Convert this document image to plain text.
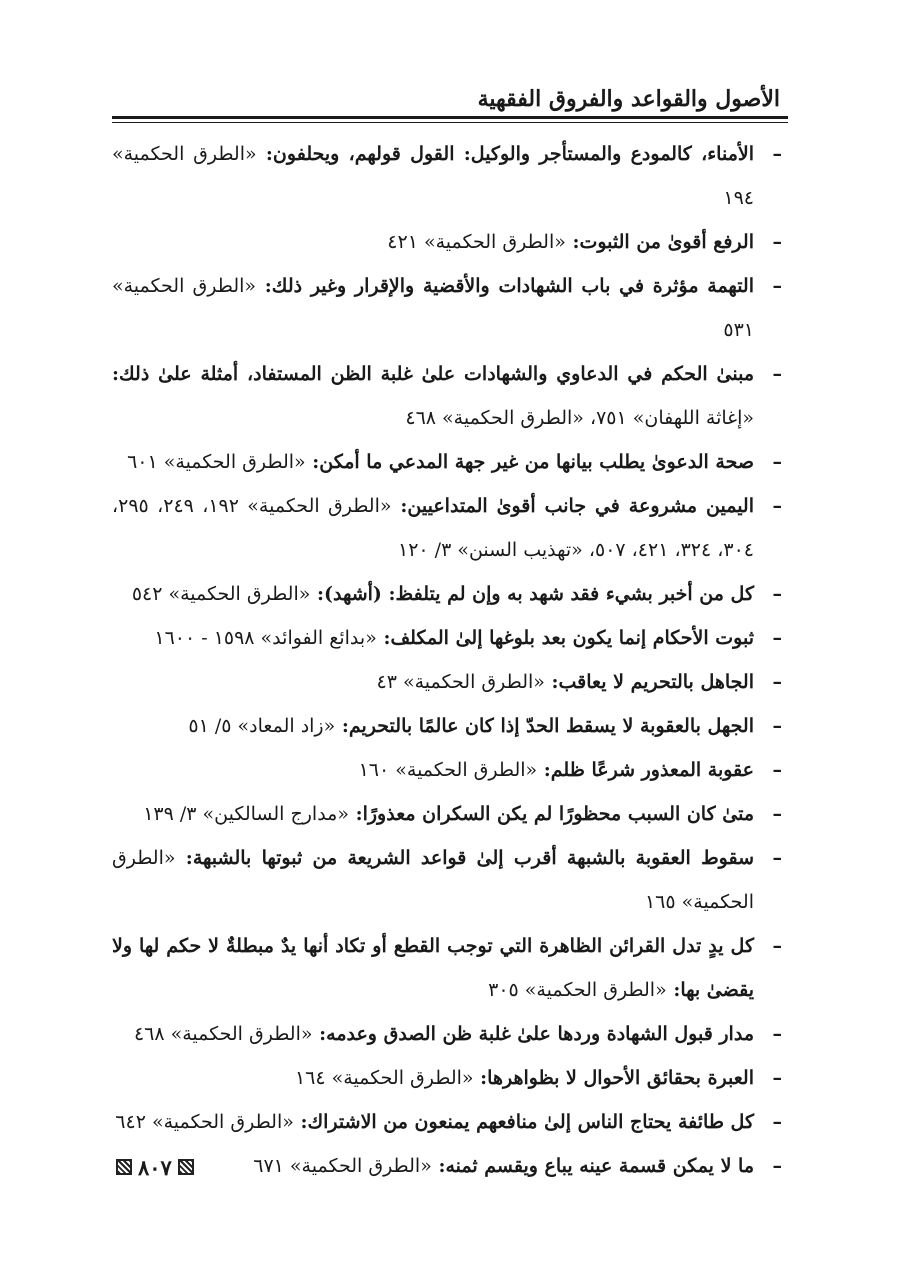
الأصول والقواعد والفروق الفقهية
–
الأمناء، كالمودع والمستأجر والوكيل: القول قولهم، ويحلفون: «الطرق الحكمية» ١٩٤
–
الرفع أقوىٰ من الثبوت: «الطرق الحكمية» ٤٢١
–
التهمة مؤثرة في باب الشهادات والأقضية والإقرار وغير ذلك: «الطرق الحكمية» ٥٣١
–
مبنىٰ الحكم في الدعاوي والشهادات علىٰ غلبة الظن المستفاد، أمثلة علىٰ ذلك: «إغاثة اللهفان» ٧٥١، «الطرق الحكمية» ٤٦٨
–
صحة الدعوىٰ يطلب بيانها من غير جهة المدعي ما أمكن: «الطرق الحكمية» ٦٠١
–
اليمين مشروعة في جانب أقوىٰ المتداعيين: «الطرق الحكمية» ١٩٢، ٢٤٩، ٢٩٥، ٣٠٤، ٣٢٤، ٤٢١، ٥٠٧، «تهذيب السنن» ٣/ ١٢٠
–
كل من أخبر بشيء فقد شهد به وإن لم يتلفظ: (أشهد): «الطرق الحكمية» ٥٤٢
–
ثبوت الأحكام إنما يكون بعد بلوغها إلىٰ المكلف: «بدائع الفوائد» ١٥٩٨ - ١٦٠٠
–
الجاهل بالتحريم لا يعاقب: «الطرق الحكمية» ٤٣
–
الجهل بالعقوبة لا يسقط الحدّ إذا كان عالمًا بالتحريم: «زاد المعاد» ٥/ ٥١
–
عقوبة المعذور شرعًا ظلم: «الطرق الحكمية» ١٦٠
–
متىٰ كان السبب محظورًا لم يكن السكران معذورًا: «مدارج السالكين» ٣/ ١٣٩
–
سقوط العقوبة بالشبهة أقرب إلىٰ قواعد الشريعة من ثبوتها بالشبهة: «الطرق الحكمية» ١٦٥
–
كل يدٍ تدل القرائن الظاهرة التي توجب القطع أو تكاد أنها يدٌ مبطلةٌ لا حكم لها ولا يقضىٰ بها: «الطرق الحكمية» ٣٠٥
–
مدار قبول الشهادة وردها علىٰ غلبة ظن الصدق وعدمه: «الطرق الحكمية» ٤٦٨
–
العبرة بحقائق الأحوال لا بظواهرها: «الطرق الحكمية» ١٦٤
–
كل طائفة يحتاج الناس إلىٰ منافعهم يمنعون من الاشتراك: «الطرق الحكمية» ٦٤٢
–
ما لا يمكن قسمة عينه يباع ويقسم ثمنه: «الطرق الحكمية» ٦٧١
٨٠٧
